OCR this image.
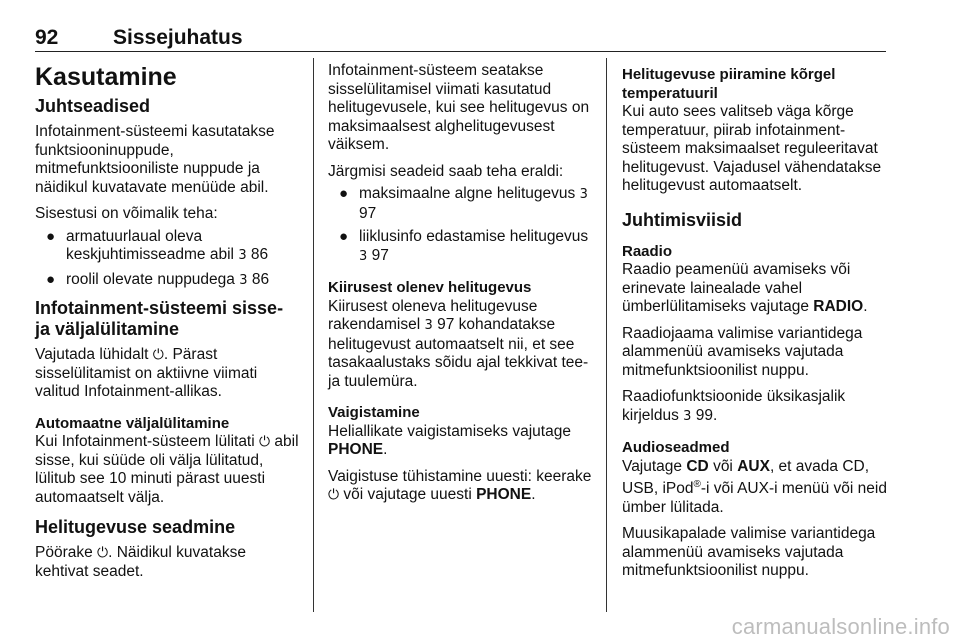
92	Sissejuhatus
Kasutamine
Juhtseadised

Infotainment-süsteemi kasutatakse funktsiooninuppude, mitmefunktsiooniliste nuppude ja näidikul kuvatavate menüüde abil.

Sisestusi on võimalik teha:

● armatuurlaual oleva keskjuhtimisseadme abil 3 86
● roolil olevate nuppudega 3 86
Infotainment-süsteemi sisse- ja väljalülitamine

Vajutada lühidalt ⏻. Pärast sisselülitamist on aktiivne viimati valitud Infotainment-allikas.

Automaatne väljalülitamine

Kui Infotainment-süsteem lülitati ⏻ abil sisse, kui süüde oli välja lülitatud, lülitub see 10 minuti pärast uuesti automaatselt välja.

Helitugevuse seadmine

Pöörake ⏻. Näidikul kuvatakse kehtivat seadet.

Infotainment-süsteem seatakse sisselülitamisel viimati kasutatud helitugevusele, kui see helitugevus on maksimaalsest alghelitugevusest väiksem.

Järgmisi seadeid saab teha eraldi:

● maksimaalne algne helitugevus 3 97
● liiklusinfo edastamise helitugevus 3 97
Kiirusest olenev helitugevus

Kiirusest oleneva helitugevuse rakendamisel 3 97 kohandatakse helitugevust automaatselt nii, et see tasakaalustaks sõidu ajal tekkivat tee- ja tuulemüra.

Vaigistamine

Heliallikate vaigistamiseks vajutage PHONE.

Vaigistuse tühistamine uuesti: keerake ⏻ või vajutage uuesti PHONE.

Helitugevuse piiramine kõrgel temperatuuril

Kui auto sees valitseb väga kõrge temperatuur, piirab infotainment-süsteem maksimaalset reguleeritavat helitugevust. Vajadusel vähendatakse helitugevust automaatselt.

Juhtimisviisid
Raadio

Raadio peamenüü avamiseks või erinevate lainealade vahel ümberlülitamiseks vajutage RADIO.

Raadiojaama valimise variantidega alammenüü avamiseks vajutada mitmefunktsioonilist nuppu.

Raadiofunktsioonide üksikasjalik kirjeldus 3 99.

Audioseadmed

Vajutage CD või AUX, et avada CD, USB, iPod®-i või AUX-i menüü või neid ümber lülitada.

Muusikapalade valimise variantidega alammenüü avamiseks vajutada mitmefunktsioonilist nuppu.

carmanualsonline.info
